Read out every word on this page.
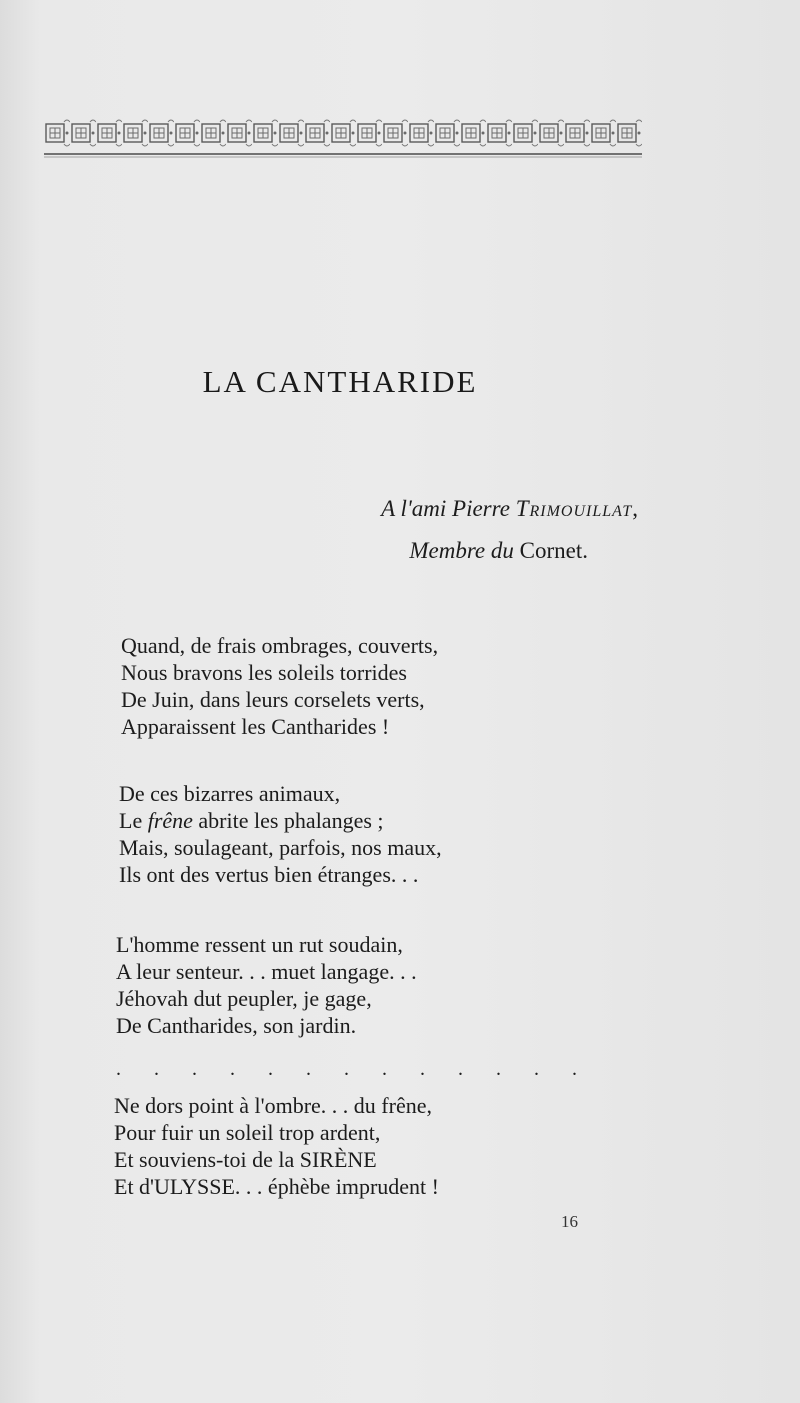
LA CANTHARIDE
A l'ami Pierre Trimouillat,
Membre du Cornet.
Quand, de frais ombrages, couverts,
Nous bravons les soleils torrides
De Juin, dans leurs corselets verts,
Apparaissent les Cantharides !
De ces bizarres animaux,
Le frêne abrite les phalanges ;
Mais, soulageant, parfois, nos maux,
Ils ont des vertus bien étranges. . .
L'homme ressent un rut soudain,
A leur senteur. . . muet langage. . .
Jéhovah dut peupler, je gage,
De Cantharides, son jardin.
. . . . . . . . . . . . .
Ne dors point à l'ombre. . . du frêne,
Pour fuir un soleil trop ardent,
Et souviens-toi de la SIRÈNE
Et d'ULYSSE. . . éphèbe imprudent !
16
